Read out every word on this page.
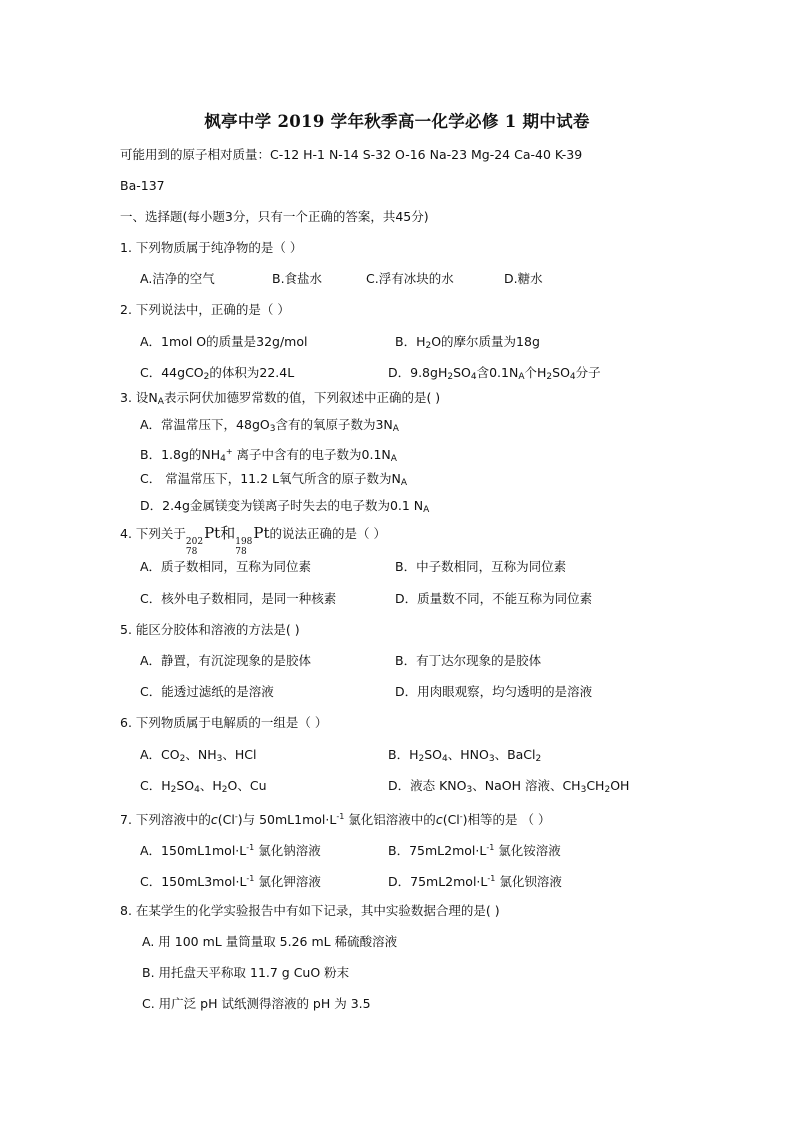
枫亭中学 2019 学年秋季高一化学必修 1 期中试卷
可能用到的原子相对质量：C-12 H-1 N-14 S-32 O-16 Na-23 Mg-24 Ca-40 K-39
Ba-137
一、选择题(每小题3分，只有一个正确的答案，共45分)
1. 下列物质属于纯净物的是（ ）
A.洁净的空气	B.食盐水	C.浮有冰块的水	D.糖水
2. 下列说法中，正确的是（ ）
A．1mol O的质量是32g/mol	B．$H_2O$的摩尔质量为18g
C．44gCO$_2$的体积为22.4L	D．$9.8gH_2SO_4$含$0.1N_A$个$H_2SO_4$分子
3. 设$N_A$表示阿伏加德罗常数的值，下列叙述中正确的是( )
A．常温常压下，$48gO_3$含有的氧原子数为$3N_A$
B．1.8g的$NH_4^+$ 离子中含有的电子数为$0.1N_A$
C． 常温常压下，11.2 L氧气所含的原子数为$N_A$
D．2.4g金属镁变为镁离子时失去的电子数为0.1 $N_A$
4. 下列关于
202
78
Pt和 198
78
Pt的说法正确的是（ ）
A．质子数相同，互称为同位素	B．中子数相同，互称为同位素
C．核外电子数相同，是同一种核素	D．质量数不同，不能互称为同位素
5. 能区分胶体和溶液的方法是( )
A．静置，有沉淀现象的是胶体	B．有丁达尔现象的是胶体
C．能透过滤纸的是溶液	D．用肉眼观察，均匀透明的是溶液
6. 下列物质属于电解质的一组是（ ）
A．$CO_2$、$NH_3$、HCl	B．$H_2SO_4$、$HNO_3$、BaCl$_2$
C．$H_2SO_4$、$H_2O$、Cu	D．液态 $KNO_3$、NaOH 溶液、$CH_3CH_2OH$
7. 下列溶液中的c(Cl-)与 $50mL1mol\cdot L^{-1}$ 氯化铝溶液中的c(Cl-)相等的是 （ ）
A．$150mL1mol\cdot L^{-1}$ 氯化钠溶液	B．$75mL2mol\cdot L^{-1}$ 氯化铵溶液
C．$150mL3mol\cdot L^{-1}$ 氯化钾溶液	D．$75mL2mol\cdot L^{-1}$ 氯化钡溶液
8. 在某学生的化学实验报告中有如下记录，其中实验数据合理的是( )
A. 用 100 mL 量筒量取 5.26 mL 稀硫酸溶液
B. 用托盘天平称取 11.7 g CuO 粉末
C. 用广泛 pH 试纸测得溶液的 pH 为 3.5
